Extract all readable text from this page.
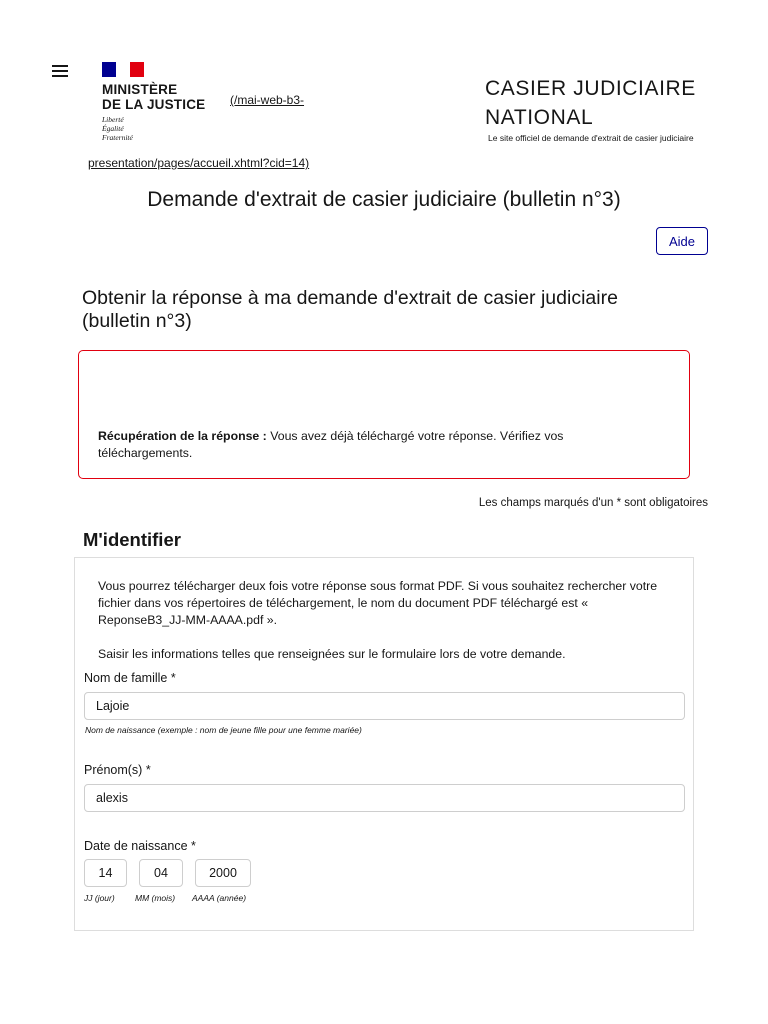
MINISTÈRE
DE LA JUSTICE
Liberté
Égalité
Fraternité
(/mai-web-b3-
presentation/pages/accueil.xhtml?cid=14)
CASIER JUDICIAIRE
NATIONAL
Le site officiel de demande d'extrait de casier judiciaire
Demande d'extrait de casier judiciaire (bulletin n°3)
Aide
Obtenir la réponse à ma demande d'extrait de casier judiciaire (bulletin n°3)
Récupération de la réponse : Vous avez déjà téléchargé votre réponse. Vérifiez vos téléchargements.
Les champs marqués d'un * sont obligatoires
M'identifier

Vous pourrez télécharger deux fois votre réponse sous format PDF. Si vous souhaitez rechercher votre fichier dans vos répertoires de téléchargement, le nom du document PDF téléchargé est « ReponseB3_JJ-MM-AAAA.pdf ».

Saisir les informations telles que renseignées sur le formulaire lors de votre demande.

Nom de famille *
Lajoie
Nom de naissance (exemple : nom de jeune fille pour une femme mariée)
Prénom(s) *
alexis
Date de naissance *
14	04	2000
JJ (jour) MM (mois) AAAA (année)
